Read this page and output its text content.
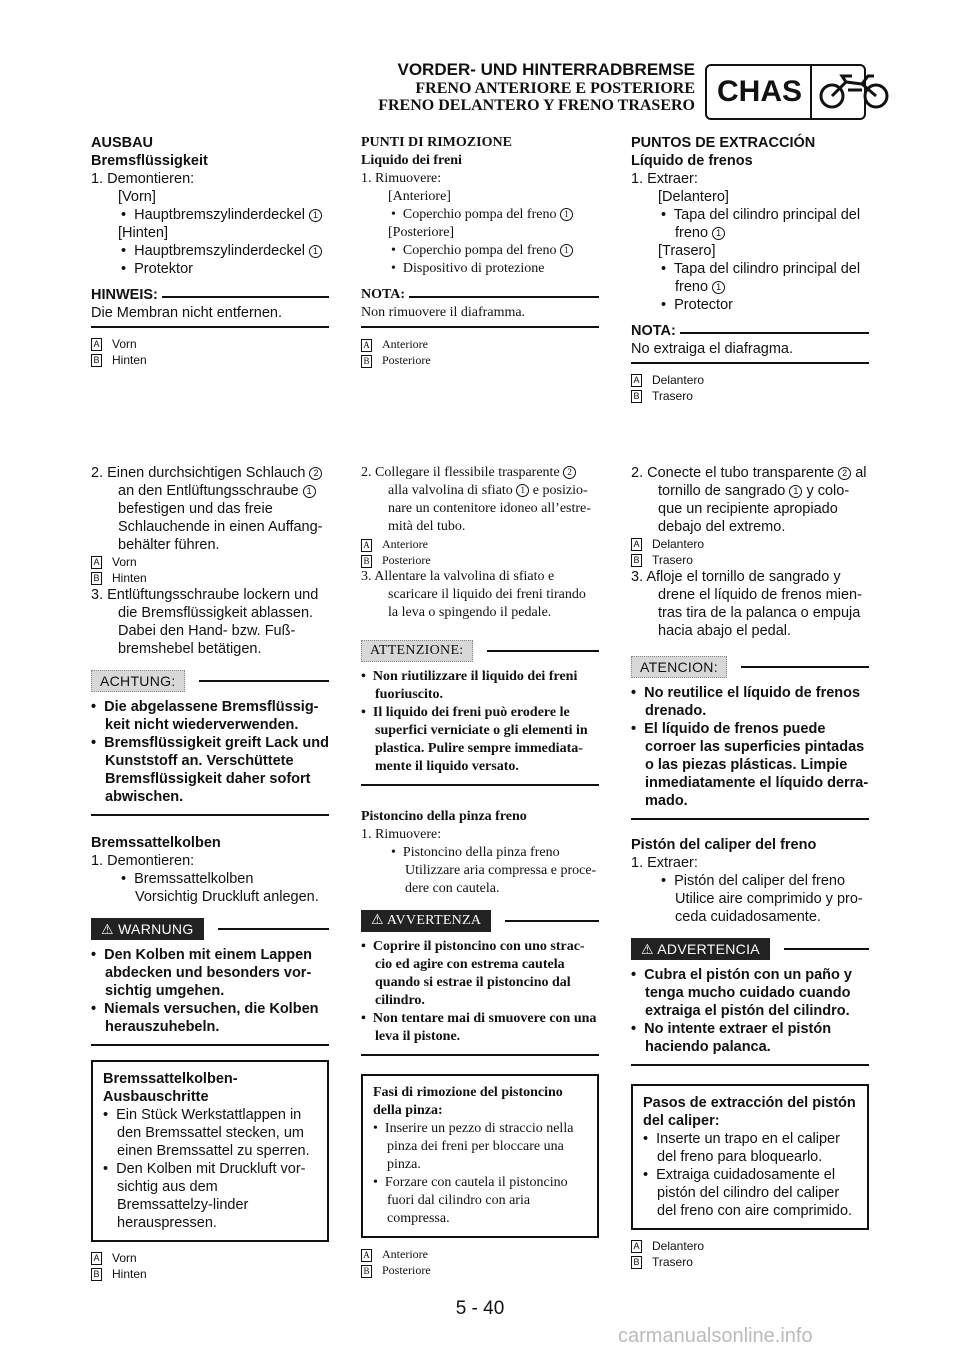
VORDER- UND HINTERRADBREMSE
FRENO ANTERIORE E POSTERIORE
FRENO DELANTERO Y FRENO TRASERO CHAS

AUSBAU

Bremsflüssigkeit

1. Demontieren:

[Vorn]

• Hauptbremszylinderdeckel 1

[Hinten]

• Hauptbremszylinderdeckel 1

• Protektor

HINWEIS:

Die Membran nicht entfernen.

A Vorn
B Hinten

2. Einen durchsichtigen Schlauch 2 an den Entlüftungsschraube 1 befestigen und das freie Schlauchende in einen Auffang-behälter führen.

A Vorn
B Hinten

3. Entlüftungsschraube lockern und die Bremsflüssigkeit ablassen. Dabei den Hand- bzw. Fuß-bremshebel betätigen.

ACHTUNG:

• Die abgelassene Bremsflüssig-keit nicht wiederverwenden.

• Bremsflüssigkeit greift Lack und Kunststoff an. Verschüttete Bremsflüssigkeit daher sofort abwischen.

Bremssattelkolben

1. Demontieren:

• Bremssattelkolben

Vorsichtig Druckluft anlegen.

⚠ WARNUNG

• Den Kolben mit einem Lappen abdecken und besonders vor-sichtig umgehen.

• Niemals versuchen, die Kolben herauszuhebeln.

Bremssattelkolben-Ausbauschritte

• Ein Stück Werkstattlappen in den Bremssattel stecken, um einen Bremssattel zu sperren.

• Den Kolben mit Druckluft vor-sichtig aus dem Bremssattelzy-linder herauspressen.

A Vorn
B Hinten

PUNTI DI RIMOZIONE

Liquido dei freni

1. Rimuovere:

[Anteriore]

• Coperchio pompa del freno 1

[Posteriore]

• Coperchio pompa del freno 1

• Dispositivo di protezione

NOTA:

Non rimuovere il diaframma.

A Anteriore
B Posteriore

2. Collegare il flessibile trasparente 2 alla valvolina di sfiato 1 e posizio-nare un contenitore idoneo all’estre-mità del tubo.

A Anteriore
B Posteriore

3. Allentare la valvolina di sfiato e scaricare il liquido dei freni tirando la leva o spingendo il pedale.

ATTENZIONE:

• Non riutilizzare il liquido dei freni fuoriuscito.

• Il liquido dei freni può erodere le superfici verniciate o gli elementi in plastica. Pulire sempre immediata-mente il liquido versato.

Pistoncino della pinza freno

1. Rimuovere:

• Pistoncino della pinza freno

Utilizzare aria compressa e proce-dere con cautela.

⚠ AVVERTENZA

• Coprire il pistoncino con uno strac-cio ed agire con estrema cautela quando si estrae il pistoncino dal cilindro.

• Non tentare mai di smuovere con una leva il pistone.

Fasi di rimozione del pistoncino della pinza:

• Inserire un pezzo di straccio nella pinza dei freni per bloccare una pinza.

• Forzare con cautela il pistoncino fuori dal cilindro con aria compressa.

A Anteriore
B Posteriore

PUNTOS DE EXTRACCIÓN

Líquido de frenos

1. Extraer:

[Delantero]

• Tapa del cilindro principal del freno 1

[Trasero]

• Tapa del cilindro principal del freno 1

• Protector

NOTA:

No extraiga el diafragma.

A Delantero
B Trasero

2. Conecte el tubo transparente 2 al tornillo de sangrado 1 y colo-que un recipiente apropiado debajo del extremo.

A Delantero
B Trasero

3. Afloje el tornillo de sangrado y drene el líquido de frenos mien-tras tira de la palanca o empuja hacia abajo el pedal.

ATENCION:

• No reutilice el líquido de frenos drenado.

• El líquido de frenos puede corroer las superficies pintadas o las piezas plásticas. Limpie inmediatamente el líquido derra-mado.

Pistón del caliper del freno

1. Extraer:

• Pistón del caliper del freno

Utilice aire comprimido y pro-ceda cuidadosamente.

⚠ ADVERTENCIA

• Cubra el pistón con un paño y tenga mucho cuidado cuando extraiga el pistón del cilindro.

• No intente extraer el pistón haciendo palanca.

Pasos de extracción del pistón del caliper:

• Inserte un trapo en el caliper del freno para bloquearlo.

• Extraiga cuidadosamente el pistón del cilindro del caliper del freno con aire comprimido.

A Delantero
B Trasero
5 - 40
carmanualsonline.info
